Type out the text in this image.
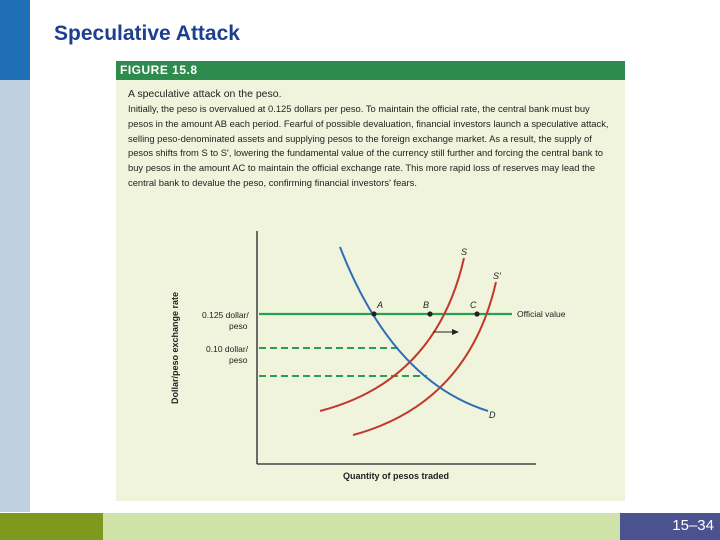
Speculative Attack
FIGURE 15.8
A speculative attack on the peso.
Initially, the peso is overvalued at 0.125 dollars per peso. To maintain the official rate, the central bank must buy pesos in the amount AB each period. Fearful of possible devaluation, financial investors launch a speculative attack, selling peso-denominated assets and supplying pesos to the foreign exchange market. As a result, the supply of pesos shifts from S to S′, lowering the fundamental value of the currency still further and forcing the central bank to buy pesos in the amount AC to maintain the official exchange rate. This more rapid loss of reserves may lead the central bank to devalue the peso, confirming financial investors' fears.
Dollar/peso exchange rate
Quantity of pesos traded
0.125 dollar/
peso
0.10 dollar/
peso
Official value
S
S′
D
A	B	C
15–34
